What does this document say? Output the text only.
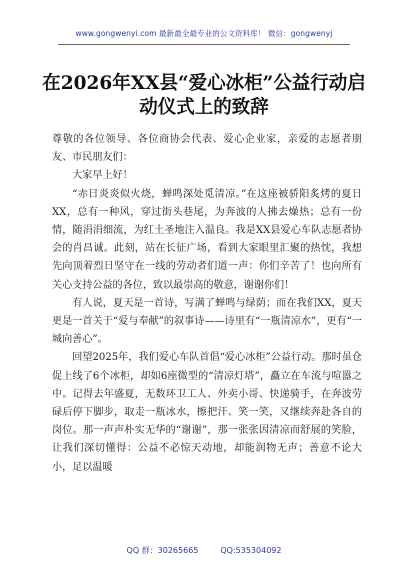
www.gongwenyi.com 最新最全最专业的公文资料库！ 微信：gongwenyj
在2026年XX县“爱心冰柜”公益行动启动仪式上的致辞

尊敬的各位领导、各位商协会代表、爱心企业家，亲爱的志愿者朋友、市民朋友们：

大家早上好！

“赤日炎炎似火烧，蝉鸣深处觅清凉。”在这座被骄阳炙烤的夏日XX，总有一种风，穿过街头巷尾，为奔波的人拂去燥热；总有一份情，随涓涓细流，为红土圣地注入温良。我是XX县爱心车队志愿者协会的肖昌诚。此刻，站在长征广场，看到大家眼里汇聚的热忱，我想先向顶着烈日坚守在一线的劳动者们道一声：你们辛苦了！也向所有关心支持公益的各位，致以最崇高的敬意，谢谢你们！

有人说，夏天是一首诗，写满了蝉鸣与绿荫；而在我们XX，夏天更是一首关于“爱与奉献”的叙事诗——诗里有“一瓶清凉水”，更有“一城向善心”。

回望2025年，我们爱心车队首倡“爱心冰柜”公益行动。那时虽仓促上线了6个冰柜，却如6座微型的“清凉灯塔”，矗立在车流与喧嚣之中。记得去年盛夏，无数环卫工人、外卖小哥、快递骑手，在奔波劳碌后停下脚步，取走一瓶冰水，擦把汗、笑一笑，又继续奔赴各自的岗位。那一声声朴实无华的“谢谢”，那一张张因清凉而舒展的笑脸，让我们深切懂得：公益不必惊天动地，却能润物无声；善意不论大小，足以温暖

QQ 群：30265665	QQ:535304092
